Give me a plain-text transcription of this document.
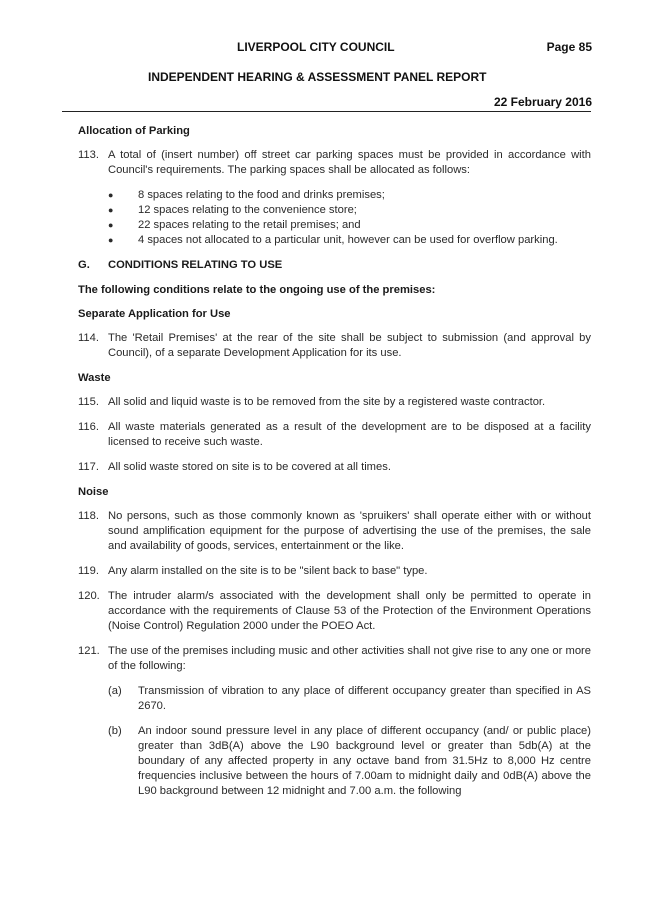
LIVERPOOL CITY COUNCIL	Page 85
INDEPENDENT HEARING & ASSESSMENT PANEL REPORT
22 February 2016
Allocation of Parking
113. A total of (insert number) off street car parking spaces must be provided in accordance with Council's requirements. The parking spaces shall be allocated as follows:
●	8 spaces relating to the food and drinks premises;
●	12 spaces relating to the convenience store;
●	22 spaces relating to the retail premises; and
●	4 spaces not allocated to a particular unit, however can be used for overflow parking.
G.	CONDITIONS RELATING TO USE
The following conditions relate to the ongoing use of the premises:
Separate Application for Use
114. The 'Retail Premises' at the rear of the site shall be subject to submission (and approval by Council), of a separate Development Application for its use.
Waste
115. All solid and liquid waste is to be removed from the site by a registered waste contractor.
116. All waste materials generated as a result of the development are to be disposed at a facility licensed to receive such waste.
117. All solid waste stored on site is to be covered at all times.
Noise
118. No persons, such as those commonly known as 'spruikers' shall operate either with or without sound amplification equipment for the purpose of advertising the use of the premises, the sale and availability of goods, services, entertainment or the like.
119. Any alarm installed on the site is to be "silent back to base" type.
120. The intruder alarm/s associated with the development shall only be permitted to operate in accordance with the requirements of Clause 53 of the Protection of the Environment Operations (Noise Control) Regulation 2000 under the POEO Act.
121. The use of the premises including music and other activities shall not give rise to any one or more of the following:
(a)	Transmission of vibration to any place of different occupancy greater than specified in AS 2670.
(b)	An indoor sound pressure level in any place of different occupancy (and/ or public place) greater than 3dB(A) above the L90 background level or greater than 5db(A) at the boundary of any affected property in any octave band from 31.5Hz to 8,000 Hz centre frequencies inclusive between the hours of 7.00am to midnight daily and 0dB(A) above the L90 background between 12 midnight and 7.00 a.m. the following
